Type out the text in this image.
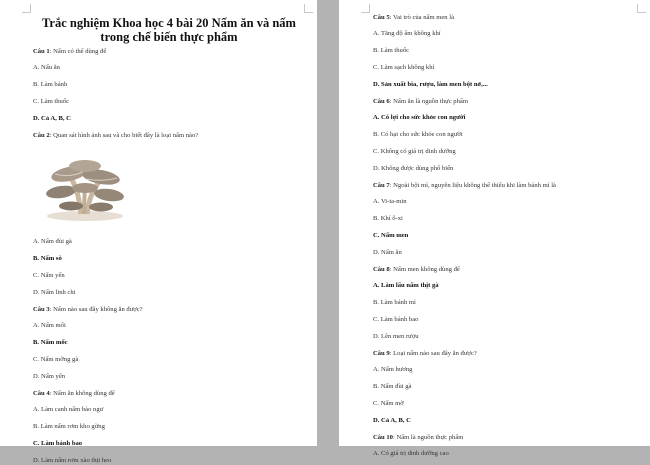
Trắc nghiệm Khoa học 4 bài 20 Nấm ăn và nấm trong chế biến thực phẩm
Câu 1: Nấm có thể dùng để
A. Nấu ăn
B. Làm bánh
C. Làm thuốc
D. Cả A, B, C
Câu 2: Quan sát hình ảnh sau và cho biết đây là loại nấm nào?
A. Nấm đùi gà
B. Nấm sò
C. Nấm yến
D. Nấm linh chi
Câu 3: Nấm nào sau đây không ăn được?
A. Nấm mối
B. Nấm mốc
C. Nấm mỡng gà
D. Nấm yến
Câu 4: Nấm ăn không dùng để
A. Làm canh nấm bào ngư
B. Làm nấm rơm kho gừng
C. Làm bánh bao
D. Làm nấm rơm xào thịt heo
Câu 5: Vai trò của nấm men là
A. Tăng độ ẩm không khí
B. Làm thuốc
C. Làm sạch không khí
D. Sản xuất bia, rượu, làm men bột nở,...
Câu 6: Nấm ăn là nguồn thực phẩm
A. Có lợi cho sức khỏe con người
B. Có hại cho sức khỏe con người
C. Không có giá trị dinh dưỡng
D. Không được dùng phổ biến
Câu 7: Ngoài bột mì, nguyên liệu không thể thiếu khi làm bánh mì là
A. Vi-ta-min
B. Khí ô-xi
C. Nấm men
D. Nấm ăn
Câu 8: Nấm men không dùng để
A. Làm lẩu nấm thịt gà
B. Làm bánh mì
C. Làm bánh bao
D. Lên men rượu
Câu 9: Loại nấm nào sau đây ăn được?
A. Nấm hương
B. Nấm đùi gà
C. Nấm mỡ
D. Cả A, B, C
Câu 10: Nấm là nguồn thực phẩm
A. Có giá trị dinh dưỡng cao
